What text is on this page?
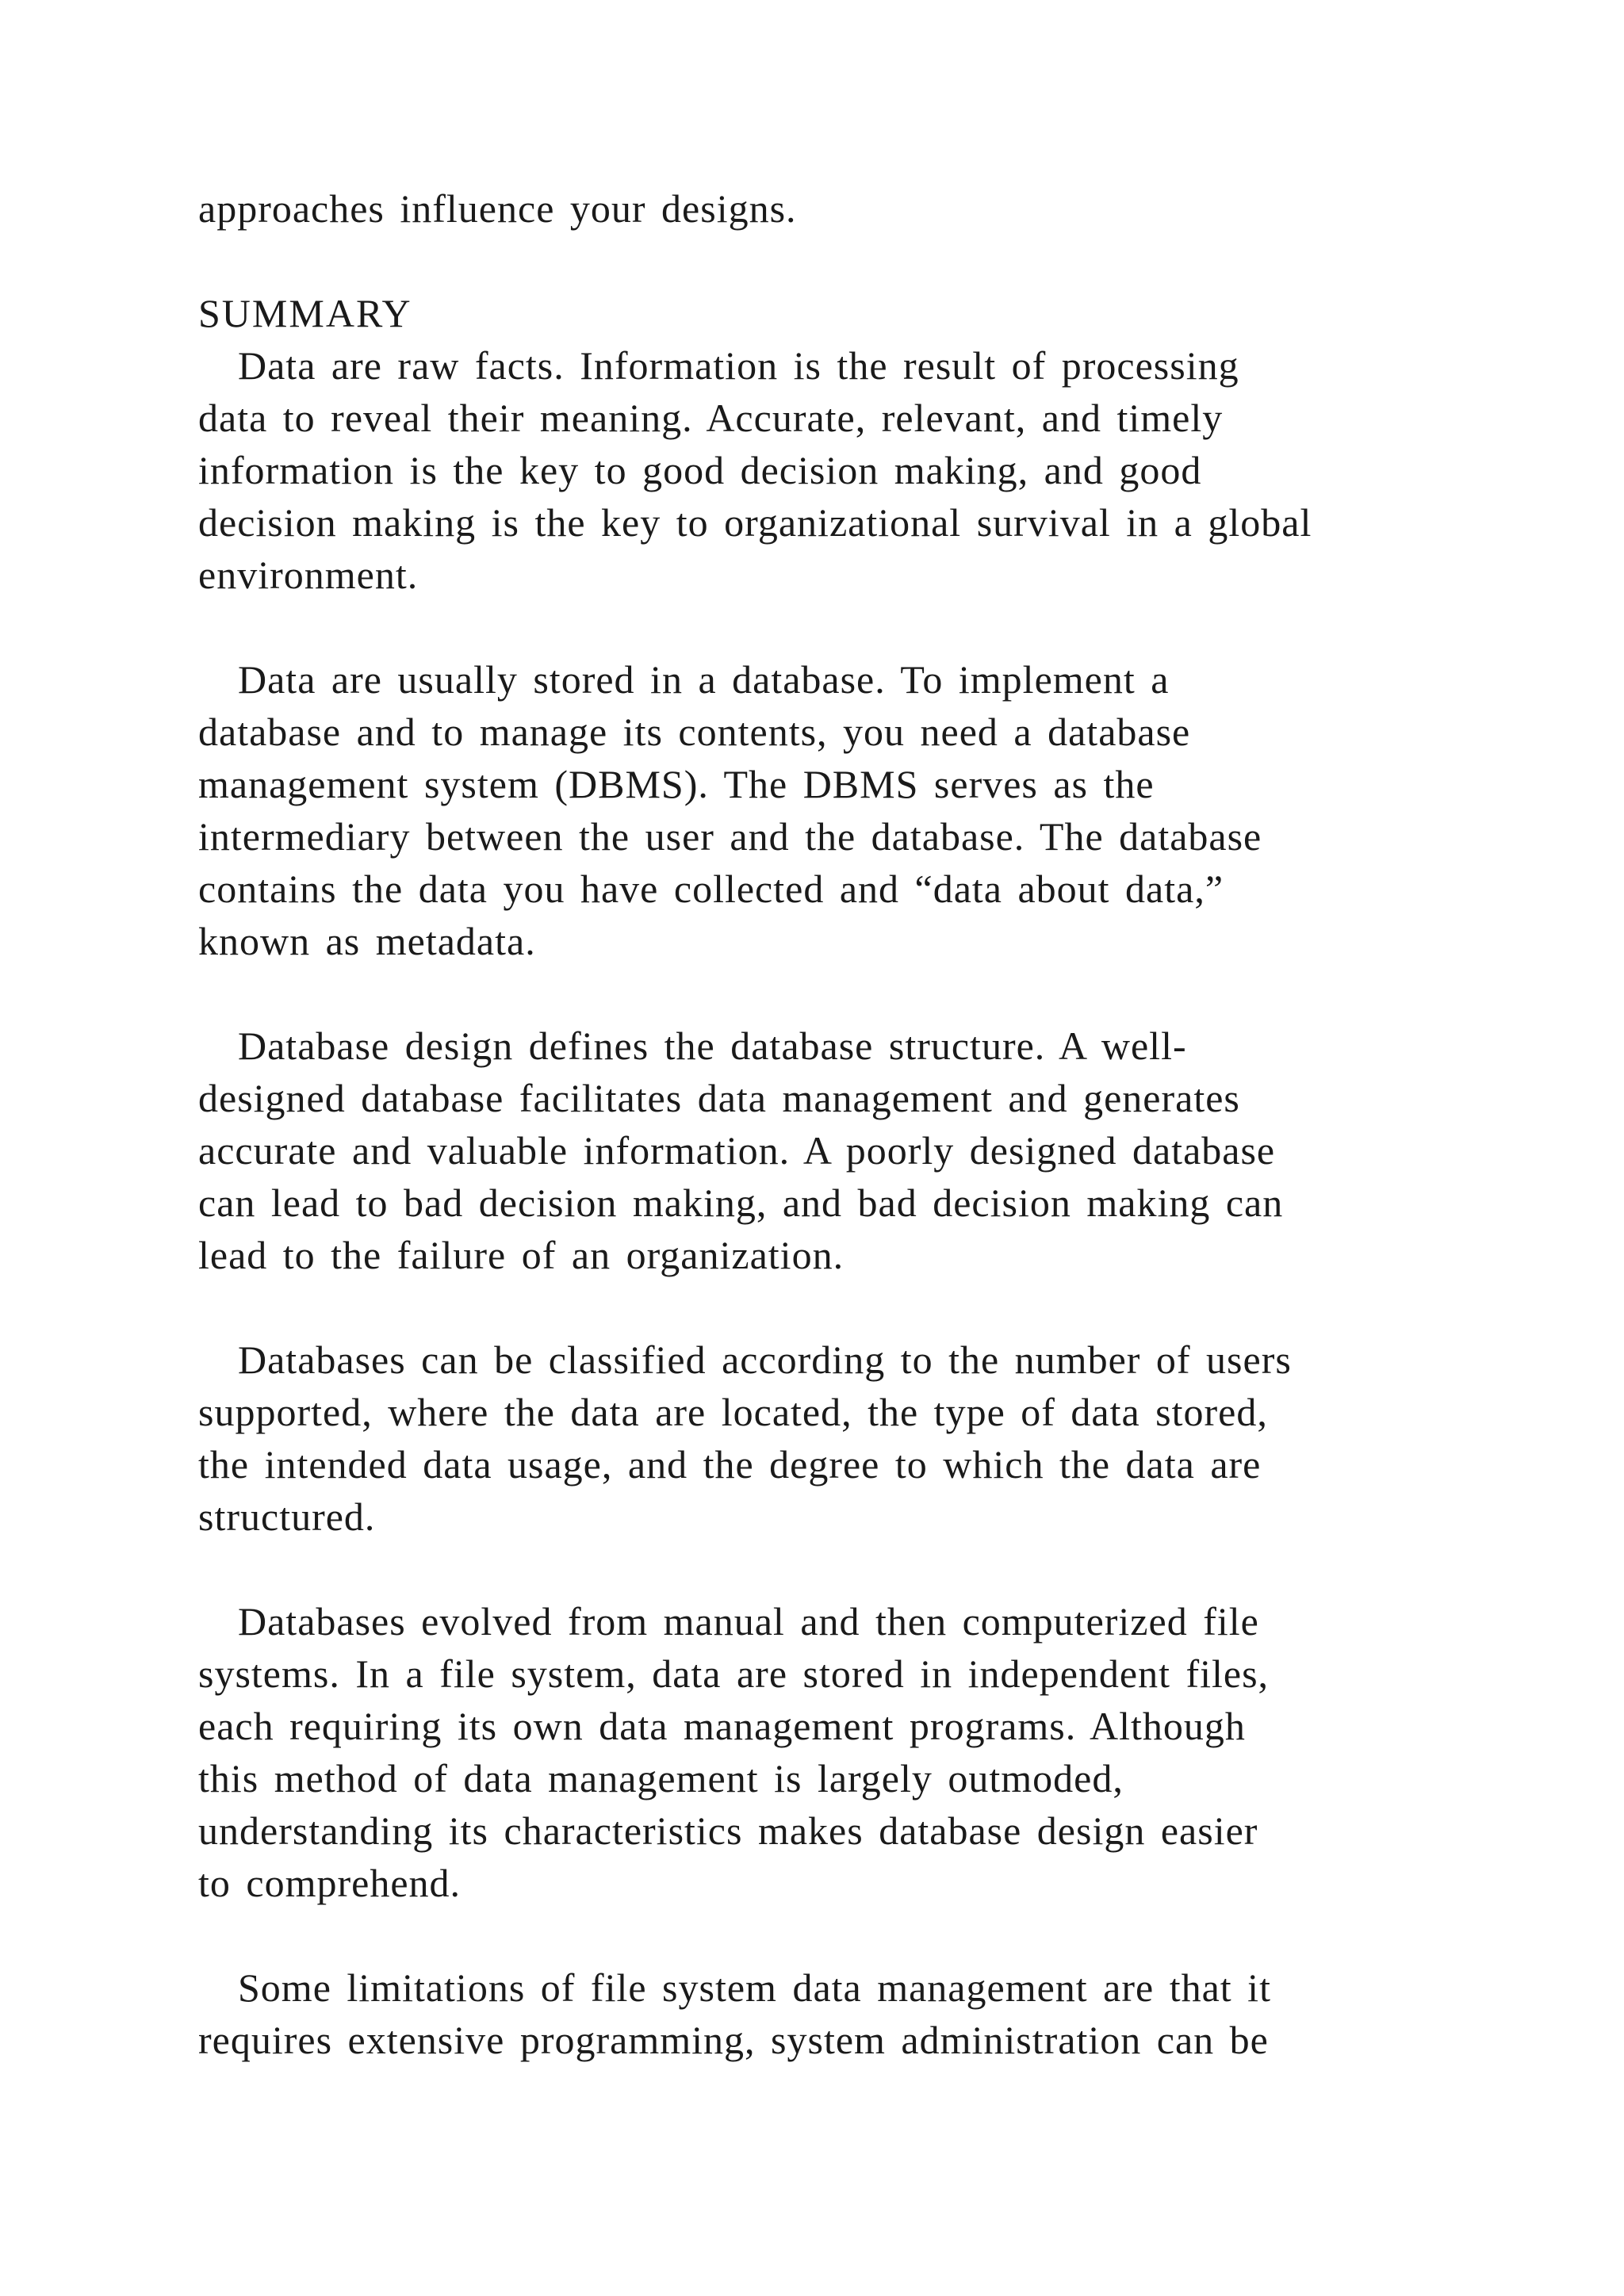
approaches influence your designs.
SUMMARY
Data are raw facts. Information is the result of processing
data to reveal their meaning. Accurate, relevant, and timely
information is the key to good decision making, and good
decision making is the key to organizational survival in a global
environment.
Data are usually stored in a database. To implement a
database and to manage its contents, you need a database
management system (DBMS). The DBMS serves as the
intermediary between the user and the database. The database
contains the data you have collected and “data about data,”
known as metadata.
Database design defines the database structure. A well-
designed database facilitates data management and generates
accurate and valuable information. A poorly designed database
can lead to bad decision making, and bad decision making can
lead to the failure of an organization.
Databases can be classified according to the number of users
supported, where the data are located, the type of data stored,
the intended data usage, and the degree to which the data are
structured.
Databases evolved from manual and then computerized file
systems. In a file system, data are stored in independent files,
each requiring its own data management programs. Although
this method of data management is largely outmoded,
understanding its characteristics makes database design easier
to comprehend.
Some limitations of file system data management are that it
requires extensive programming, system administration can be
